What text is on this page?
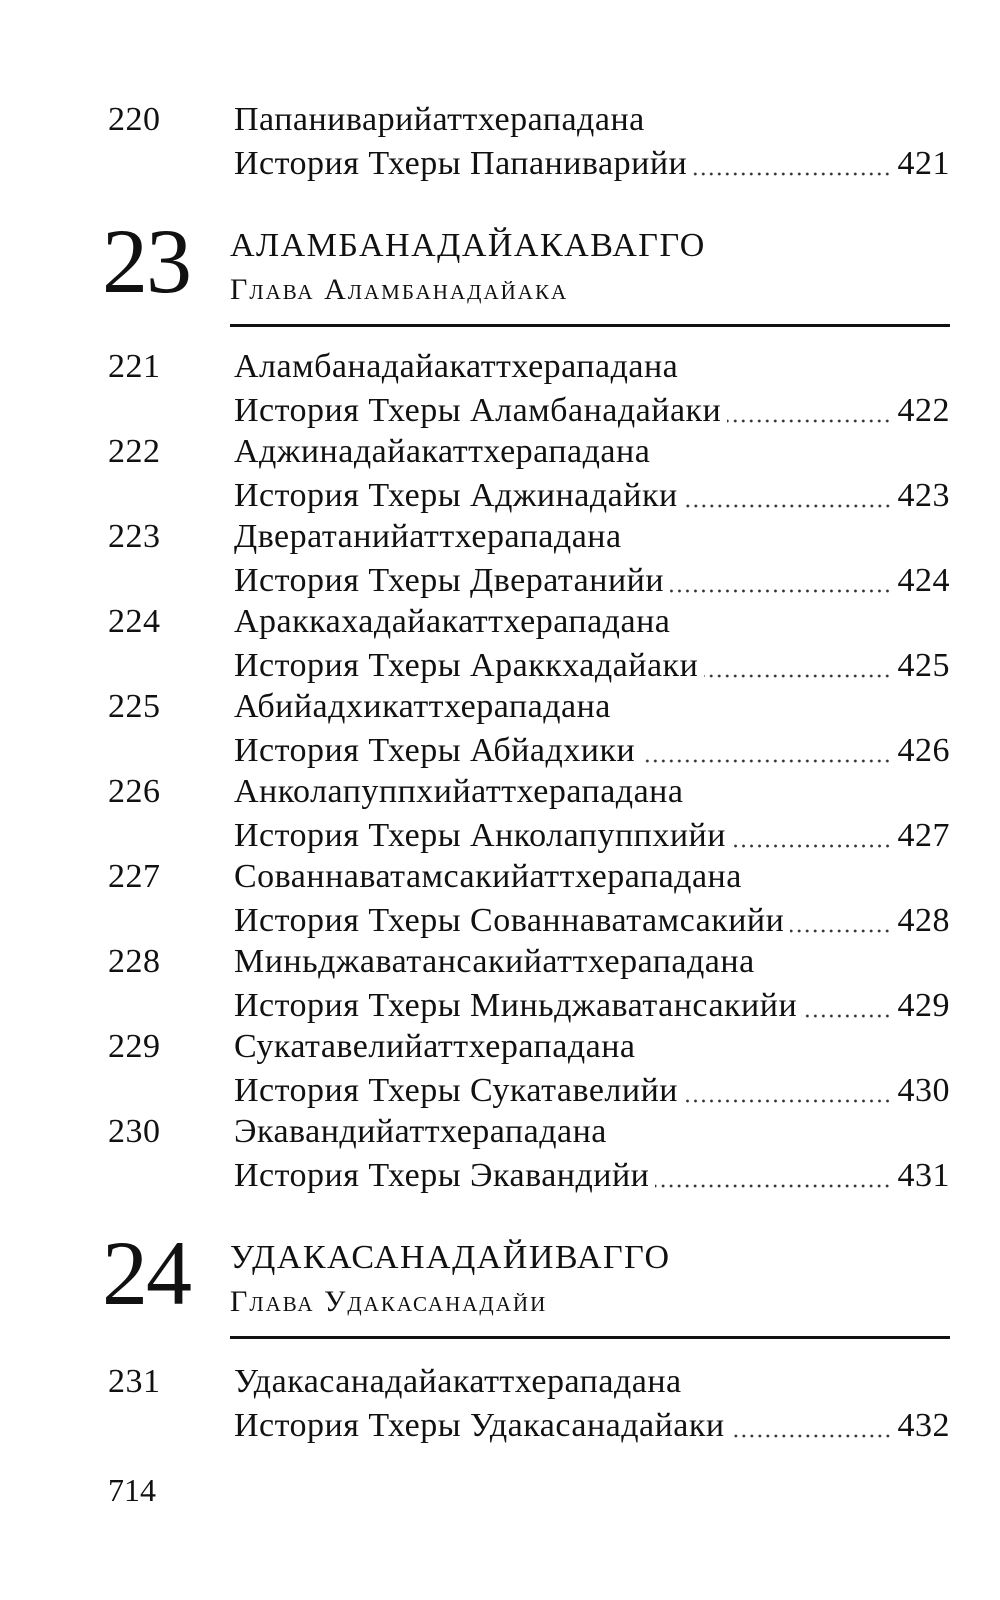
220 Папаниварийаттхерападана
История Тхеры Папаниварийи	421
23 АЛАМБАНАДАЙАКАВАГГО
Глава Аламбанадайака
221 Аламбанадайакаттхерападана
История Тхеры Аламбанадайаки	422
222 Аджинадайакаттхерападана
История Тхеры Аджинадайки	423
223 Двератанийаттхерападана
История Тхеры Двератанийи	424
224 Араккахадайакаттхерападана
История Тхеры Араккхадайаки	425
225 Абийадхикаттхерападана
История Тхеры Абйадхики	426
226 Анколапуппхийаттхерападана
История Тхеры Анколапуппхийи	427
227 Сованнаватамсакийаттхерападана
История Тхеры Сованнаватамсакийи	428
228 Миньджаватансакийаттхерападана
История Тхеры Миньджаватансакийи	429
229 Сукатавелийаттхерападана
История Тхеры Сукатавелийи	430
230 Экавандийаттхерападана
История Тхеры Экавандийи	431
24 УДАКАСАНАДАЙИВАГГО
Глава Удакасанадайи
231 Удакасанадайакаттхерападана
История Тхеры Удакасанадайаки	432
714
